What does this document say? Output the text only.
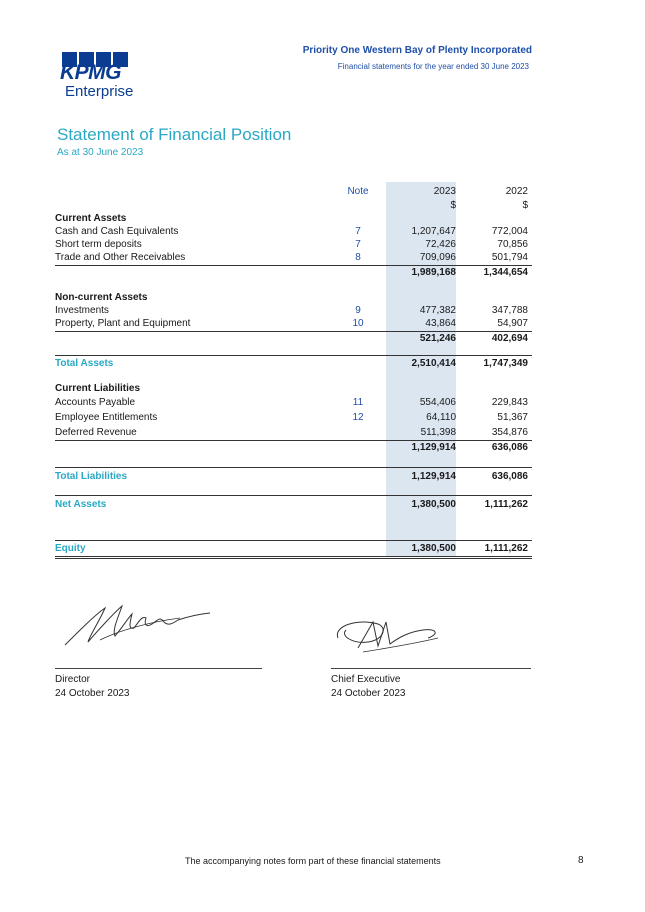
KPMG
Enterprise
Priority One Western Bay of Plenty Incorporated
Financial statements for the year ended 30 June 2023
Statement of Financial Position
As at 30 June 2023
Note	2023	2022
$	$
Current Assets
Cash and Cash Equivalents	7	1,207,647	772,004
Short term deposits	7	72,426	70,856
Trade and Other Receivables	8	709,096	501,794
1,989,168	1,344,654
Non-current Assets
Investments	9	477,382	347,788
Property, Plant and Equipment	10	43,864	54,907
521,246	402,694
Total Assets	2,510,414	1,747,349
Current Liabilities
Accounts Payable	11	554,406	229,843
Employee Entitlements	12	64,110	51,367
Deferred Revenue	511,398	354,876
1,129,914	636,086
Total Liabilities	1,129,914	636,086
Net Assets	1,380,500	1,111,262
Equity	1,380,500	1,111,262
Director
24 October 2023
Chief Executive
24 October 2023
The accompanying notes form part of these financial statements	8
